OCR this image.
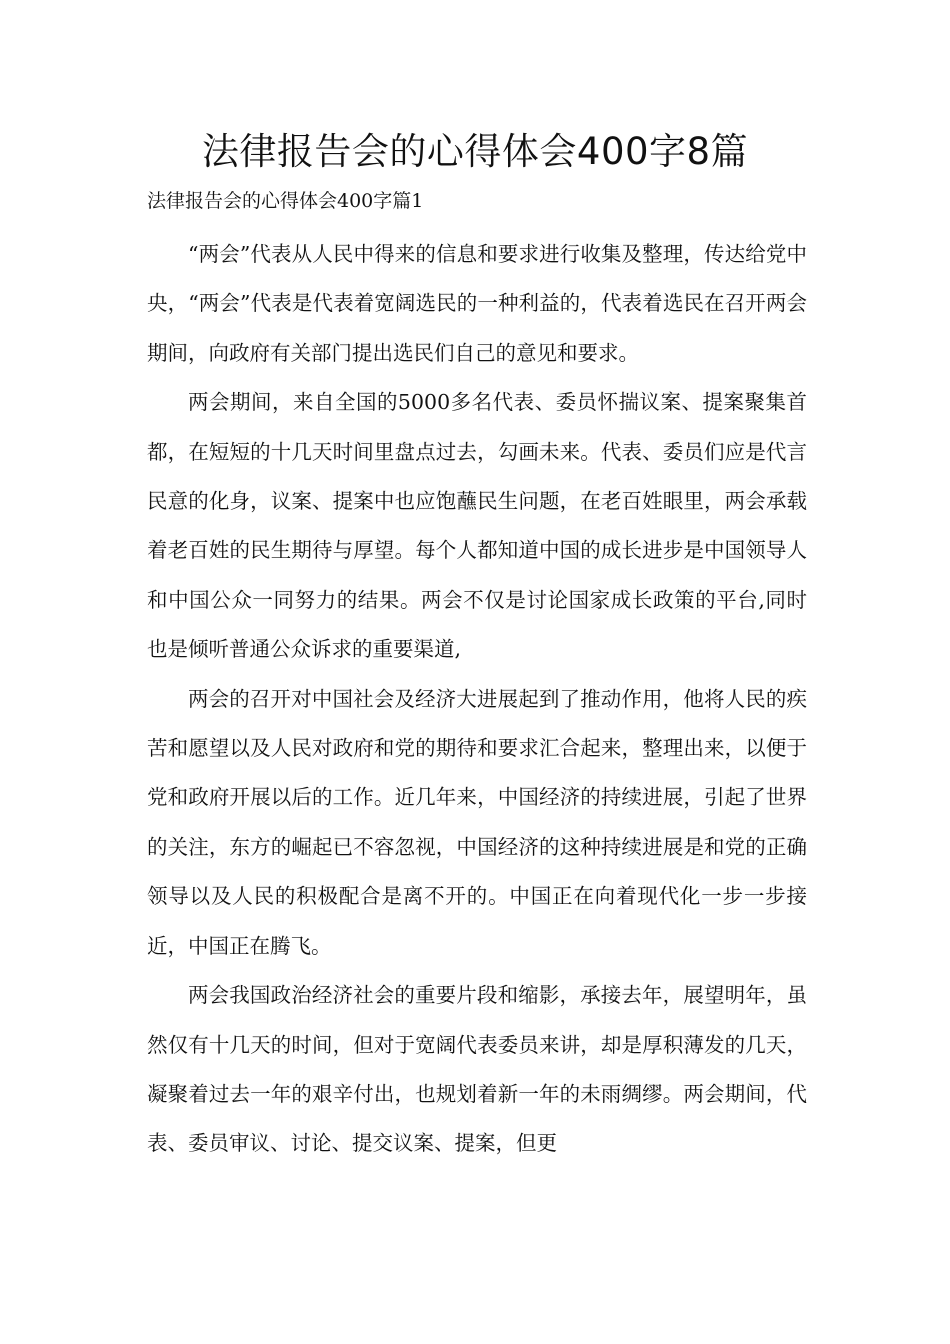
法律报告会的心得体会400字8篇

法律报告会的心得体会400字篇1

“两会”代表从人民中得来的信息和要求进行收集及整理，传达给党中央，“两会”代表是代表着宽阔选民的一种利益的，代表着选民在召开两会期间，向政府有关部门提出选民们自己的意见和要求。

两会期间，来自全国的5000多名代表、委员怀揣议案、提案聚集首都，在短短的十几天时间里盘点过去，勾画未来。代表、委员们应是代言民意的化身，议案、提案中也应饱蘸民生问题，在老百姓眼里，两会承载着老百姓的民生期待与厚望。每个人都知道中国的成长进步是中国领导人和中国公众一同努力的结果。两会不仅是讨论国家成长政策的平台,同时也是倾听普通公众诉求的重要渠道,

两会的召开对中国社会及经济大进展起到了推动作用，他将人民的疾苦和愿望以及人民对政府和党的期待和要求汇合起来，整理出来，以便于党和政府开展以后的工作。近几年来，中国经济的持续进展，引起了世界的关注，东方的崛起已不容忽视，中国经济的这种持续进展是和党的正确领导以及人民的积极配合是离不开的。中国正在向着现代化一步一步接近，中国正在腾飞。

两会我国政治经济社会的重要片段和缩影，承接去年，展望明年，虽然仅有十几天的时间，但对于宽阔代表委员来讲，却是厚积薄发的几天，凝聚着过去一年的艰辛付出，也规划着新一年的未雨绸缪。两会期间，代表、委员审议、讨论、提交议案、提案，但更
